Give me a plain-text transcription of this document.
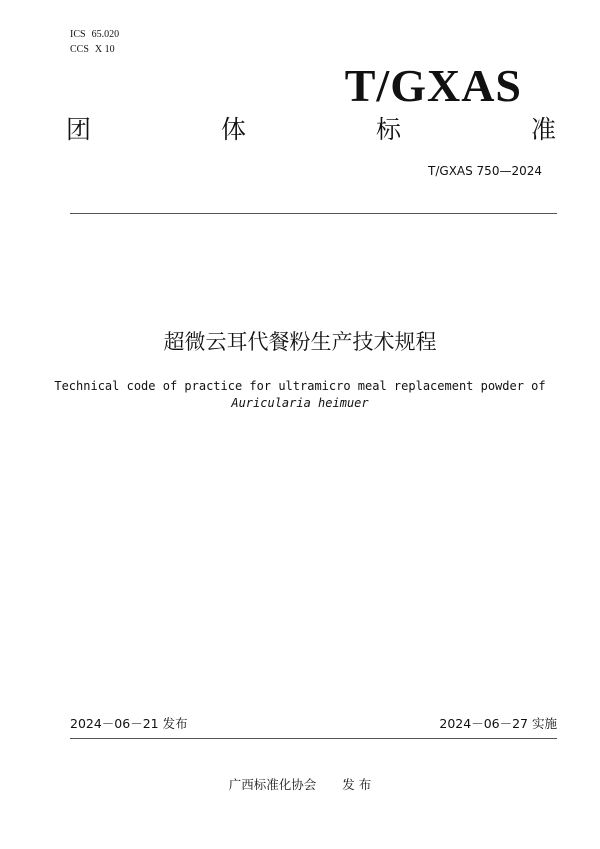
ICS 65.020
CCS X 10
T/GXAS
团	体	标	准
T/GXAS 750—2024
超微云耳代餐粉生产技术规程
Technical code of practice for ultramicro meal replacement powder of
Auricularia heimuer
2024－06－21 发布	2024－06－27 实施
广西标准化协会 发 布
